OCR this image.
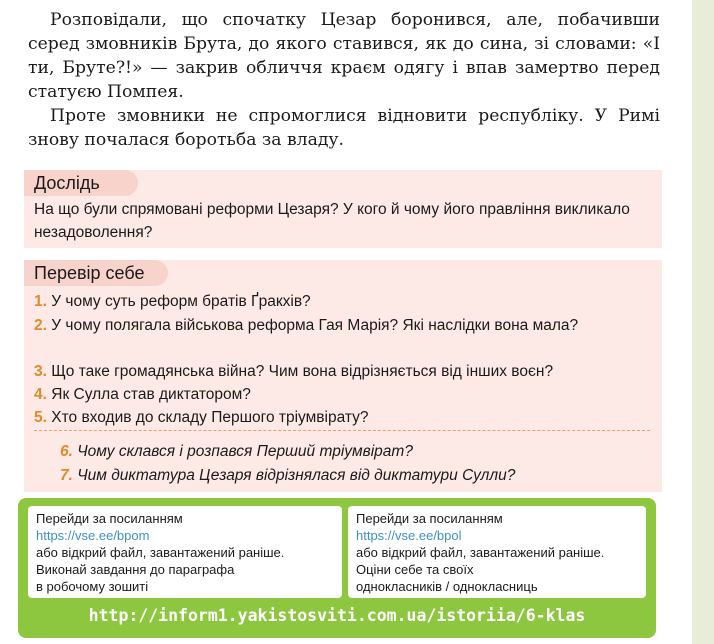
Розповідали, що спочатку Цезар боронився, але, побачивши серед змовників Брута, до якого ставився, як до сина, зі словами: «І ти, Бруте?!» — закрив обличчя краєм одягу і впав замертво перед статуєю Помпея.

Проте змовники не спромоглися відновити республіку. У Римі знову почалася боротьба за владу.

Дослідь
На що були спрямовані реформи Цезаря? У кого й чому його правління викликало незадоволення?
Перевір себе
1. У чому суть реформ братів Ґракхів?
2. У чому полягала військова реформа Гая Марія? Які наслідки вона мала?
3. Що таке громадянська війна? Чим вона відрізняється від інших воєн?
4. Як Сулла став диктатором?
5. Хто входив до складу Першого тріумвірату?
6. Чому склався і розпався Перший тріумвірат?
7. Чим диктатура Цезаря відрізнялася від диктатури Сулли?
Перейди за посиланням
https://vse.ee/bpom
або відкрий файл, завантажений раніше.
Виконай завдання до параграфа
в робочому зошиті
Перейди за посиланням
https://vse.ee/bpol
або відкрий файл, завантажений раніше.
Оціни себе та своїх
однокласників / однокласниць
http://inform1.yakistosviti.com.ua/istoriia/6-klas
